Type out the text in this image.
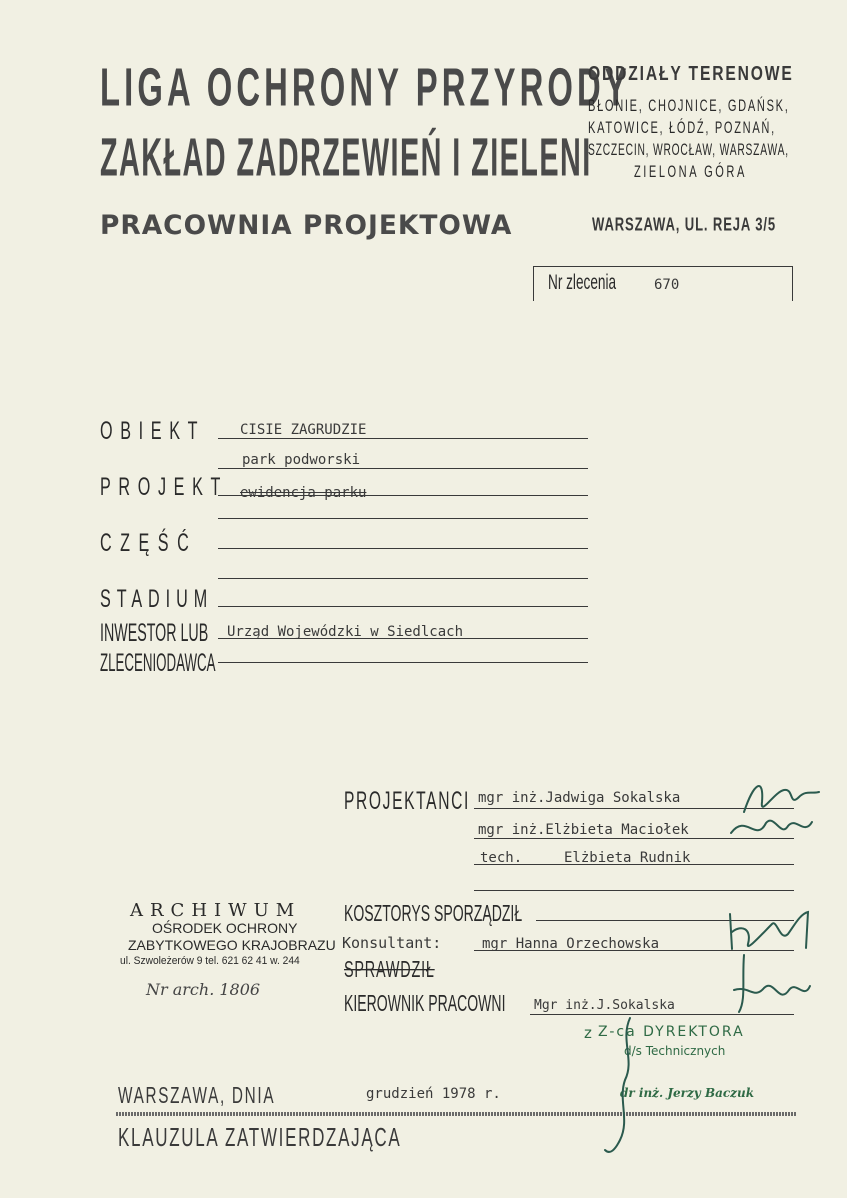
LIGA OCHRONY PRZYRODY
ZAKŁAD ZADRZEWIEŃ I ZIELENI
ODDZIAŁY TERENOWE
BŁONIE, CHOJNICE, GDAŃSK,
KATOWICE, ŁÓDŹ, POZNAŃ,
SZCZECIN, WROCŁAW, WARSZAWA,
ZIELONA GÓRA
PRACOWNIA PROJEKTOWA	WARSZAWA, UL. REJA 3/5
Nr zlecenia	670
OBIEKT CISIE ZAGRUDZIE
park podworski
PROJEKT ewidencja parku
CZĘŚĆ
STADIUM
INWESTOR LUB
ZLECENIODAWCA
Urząd Wojewódzki w Siedlcach
PROJEKTANCI mgr inż.Jadwiga Sokalska
mgr inż.Elżbieta Maciołek
tech.	Elżbieta Rudnik
KOSZTORYS SPORZĄDZIŁ
Konsultant:	mgr Hanna Orzechowska
SPRAWDZIŁ
KIEROWNIK PRACOWNI Mgr inż.J.Sokalska
ARCHIWUM
OŚRODEK OCHRONY
ZABYTKOWEGO KRAJOBRAZU
ul. Szwoleżerów 9 tel. 621 62 41 w. 244
Nr arch. 1806
z Z-ca DYREKTORA
d/s Technicznych
dr inż. Jerzy Baczuk
WARSZAWA, DNIA	grudzień 1978 r.
KLAUZULA ZATWIERDZAJĄCA
